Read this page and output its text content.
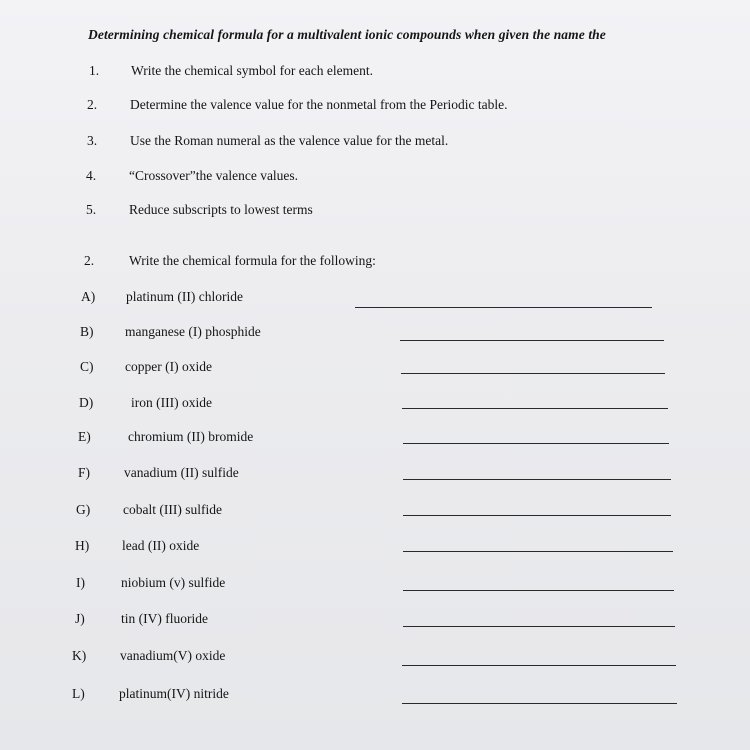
Determining chemical formula for a multivalent ionic compounds when given the name the
1. Write the chemical symbol for each element.
2. Determine the valence value for the nonmetal from the Periodic table.
3. Use the Roman numeral as the valence value for the metal.
4. “Crossover”the valence values.
5. Reduce subscripts to lowest terms
2.	Write the chemical formula for the following:
A) platinum (II) chloride
B) manganese (I) phosphide
C) copper (I) oxide
D)	iron (III) oxide
E)	chromium (II) bromide
F)	vanadium (II) sulfide
G) cobalt (III) sulfide
H) lead (II) oxide
I)	niobium (v) sulfide
J)	tin (IV) fluoride
K)	vanadium(V) oxide
L)	platinum(IV) nitride
